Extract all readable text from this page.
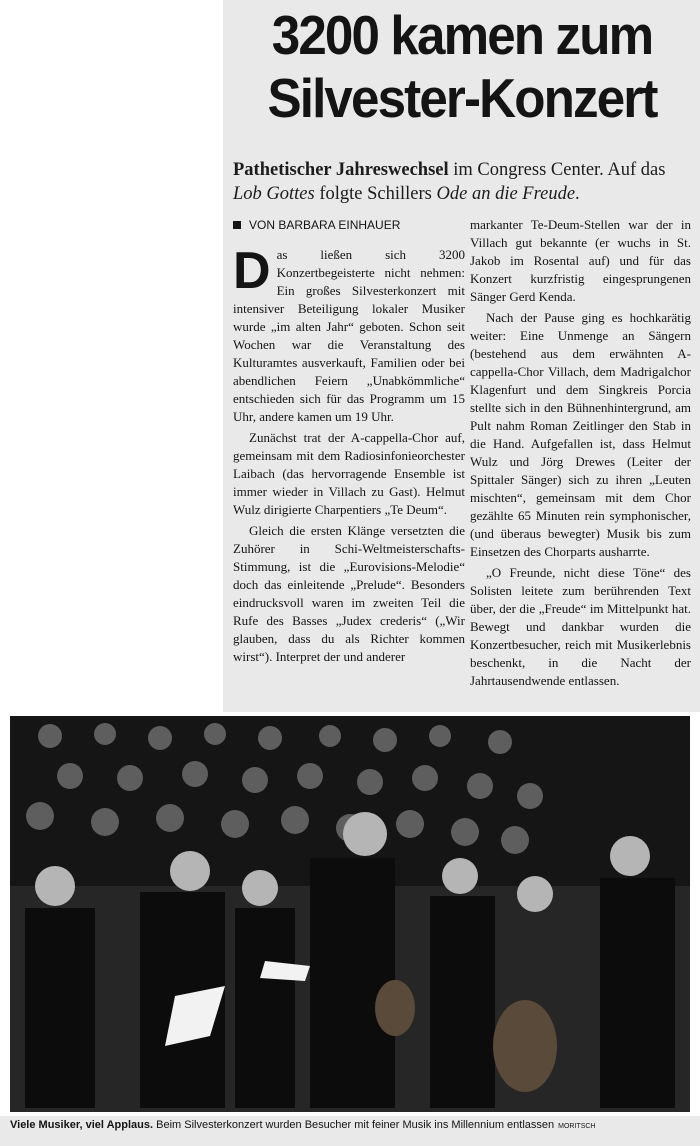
3200 kamen zum Silvester-Konzert

Pathetischer Jahreswechsel im Congress Center. Auf das Lob Gottes folgte Schillers Ode an die Freude.

VON BARBARA EINHAUER

Das ließen sich 3200 Konzertbegeisterte nicht nehmen: Ein großes Silvesterkonzert mit intensiver Beteiligung lokaler Musiker wurde „im alten Jahr“ geboten. Schon seit Wochen war die Veranstaltung des Kulturamtes ausverkauft, Familien oder bei abendlichen Feiern „Unabkömmliche“ entschieden sich für das Programm um 15 Uhr, andere kamen um 19 Uhr.

Zunächst trat der A-cappella-Chor auf, gemeinsam mit dem Radiosinfonieorchester Laibach (das hervorragende Ensemble ist immer wieder in Villach zu Gast). Helmut Wulz dirigierte Charpentiers „Te Deum“.

Gleich die ersten Klänge versetzten die Zuhörer in Schi-Weltmeisterschafts-Stimmung, ist die „Eurovisions-Melodie“ doch das einleitende „Prelude“. Besonders eindrucksvoll waren im zweiten Teil die Rufe des Basses „Judex crederis“ („Wir glauben, dass du als Richter kommen wirst“). Interpret der und anderer

markanter Te-Deum-Stellen war der in Villach gut bekannte (er wuchs in St. Jakob im Rosental auf) und für das Konzert kurzfristig eingesprungenen Sänger Gerd Kenda.

Nach der Pause ging es hochkarätig weiter: Eine Unmenge an Sängern (bestehend aus dem erwähnten A-cappella-Chor Villach, dem Madrigalchor Klagenfurt und dem Singkreis Porcia stellte sich in den Bühnenhintergrund, am Pult nahm Roman Zeitlinger den Stab in die Hand. Aufgefallen ist, dass Helmut Wulz und Jörg Drewes (Leiter der Spittaler Sänger) sich zu ihren „Leuten mischten“, gemeinsam mit dem Chor gezählte 65 Minuten rein symphonischer, (und überaus bewegter) Musik bis zum Einsetzen des Chorparts ausharrte.

„O Freunde, nicht diese Töne“ des Solisten leitete zum berührenden Text über, der die „Freude“ im Mittelpunkt hat. Bewegt und dankbar wurden die Konzertbesucher, reich mit Musikerlebnis beschenkt, in die Nacht der Jahrtausendwende entlassen.

Viele Musiker, viel Applaus. Beim Silvesterkonzert wurden Besucher mit feiner Musik ins Millennium entlassen MORITSCH
